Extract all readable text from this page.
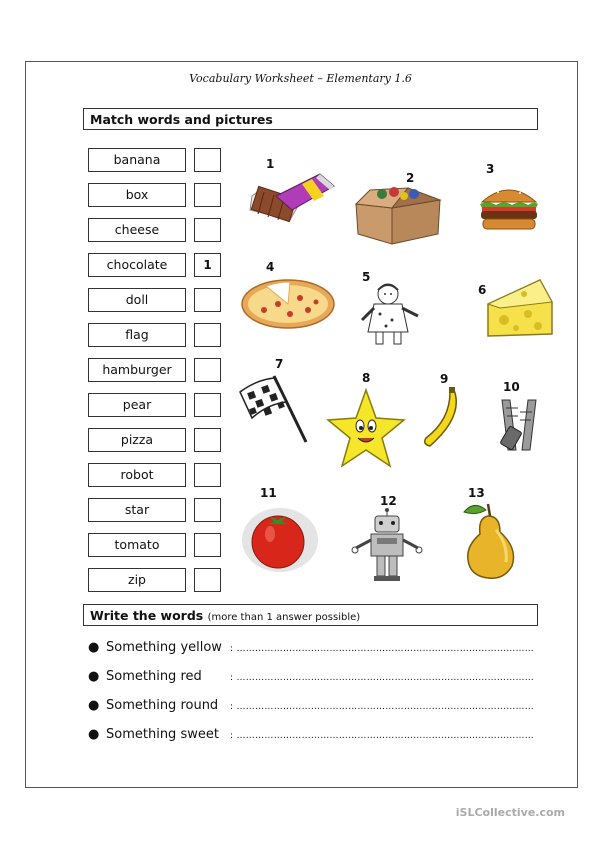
Vocabulary Worksheet – Elementary 1.6
Match words and pictures
banana
box
cheese
chocolate	1
doll
flag
hamburger
pear
pizza
robot
star
tomato
zip
1
2
3
4
5
6
7
8	9
10
11
12
13
Write the words (more than 1 answer possible)
● Something yellow : ……………………………………………………………………………………
● Something red	: ……………………………………………………………………………………
● Something round : ……………………………………………………………………………………
● Something sweet : ……………………………………………………………………………………
iSLCollective.com
